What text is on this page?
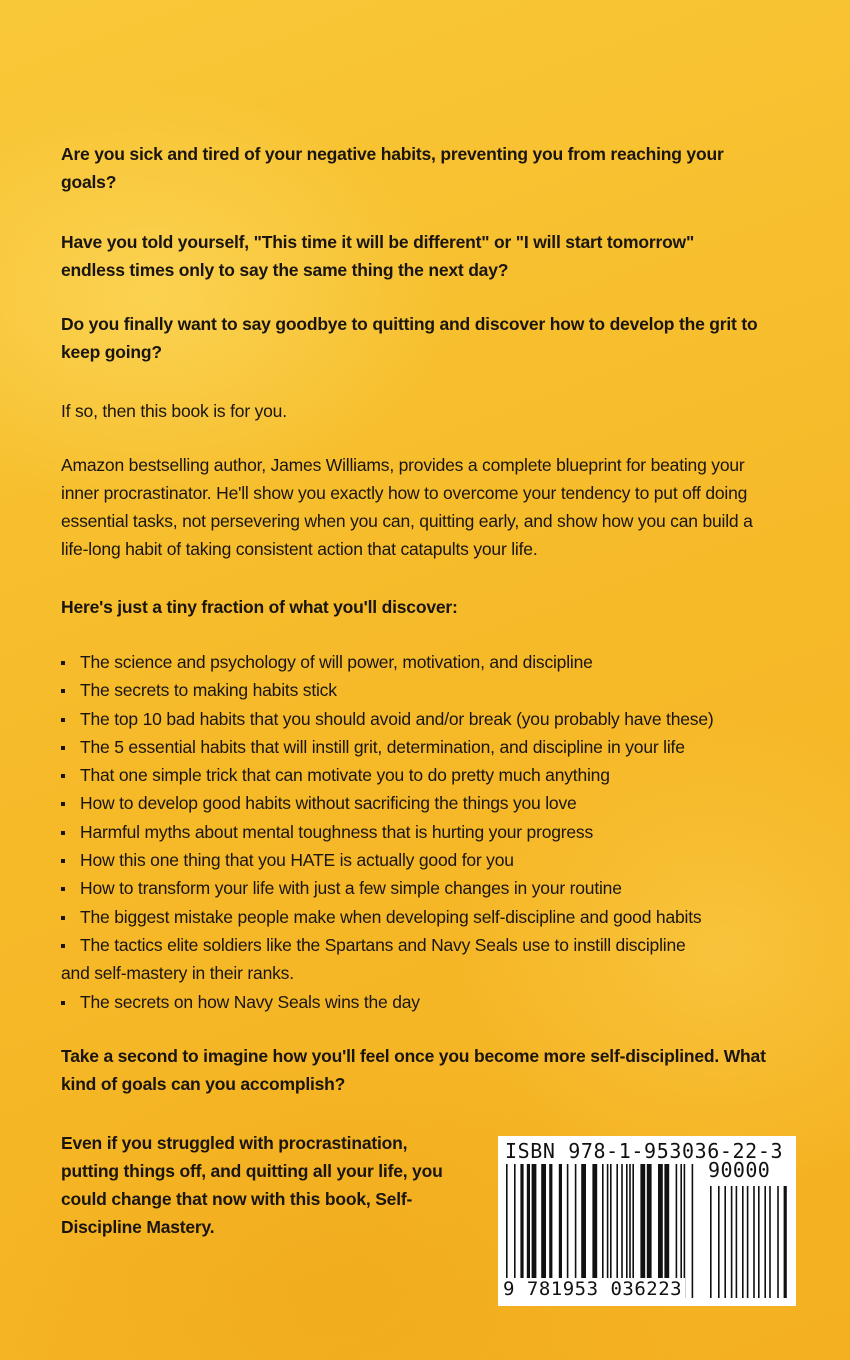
Are you sick and tired of your negative habits, preventing you from reaching your goals?

Have you told yourself, "This time it will be different" or "I will start tomorrow" endless times only to say the same thing the next day?

Do you finally want to say goodbye to quitting and discover how to develop the grit to keep going?

If so, then this book is for you.

Amazon bestselling author, James Williams, provides a complete blueprint for beating your inner procrastinator. He'll show you exactly how to overcome your tendency to put off doing essential tasks, not persevering when you can, quitting early, and show how you can build a life-long habit of taking consistent action that catapults your life.

Here's just a tiny fraction of what you'll discover:

The science and psychology of will power, motivation, and discipline
The secrets to making habits stick
The top 10 bad habits that you should avoid and/or break (you probably have these)
The 5 essential habits that will instill grit, determination, and discipline in your life
That one simple trick that can motivate you to do pretty much anything
How to develop good habits without sacrificing the things you love
Harmful myths about mental toughness that is hurting your progress
How this one thing that you HATE is actually good for you
How to transform your life with just a few simple changes in your routine
The biggest mistake people make when developing self-discipline and good habits
The tactics elite soldiers like the Spartans and Navy Seals use to instill discipline
and self-mastery in their ranks.
The secrets on how Navy Seals wins the day

Take a second to imagine how you'll feel once you become more self-disciplined. What kind of goals can you accomplish?

Even if you struggled with procrastination, putting things off, and quitting all your life, you could change that now with this book, Self-Discipline Mastery.

ISBN 978-1-953036-22-3
90000
9 781953 036223
